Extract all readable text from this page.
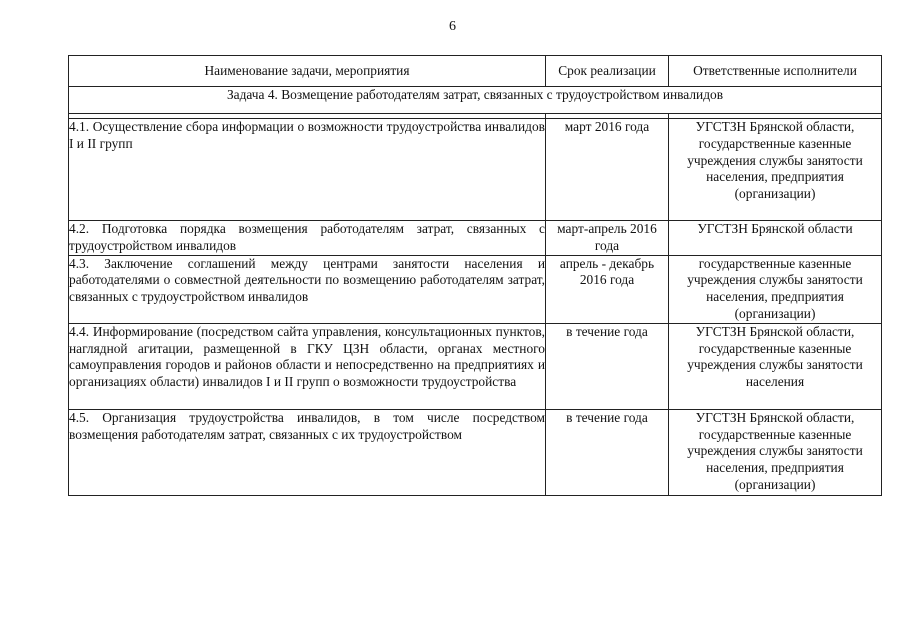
6
Наименование задачи, мероприятия	Срок реализации	Ответственные исполнители
Задача 4. Возмещение работодателям затрат, связанных с трудоустройством инвалидов		

4.1. Осуществление сбора информации о возможности трудоустройства инвалидов I и II групп	март 2016 года	УГСТЗН Брянской области, государственные казенные учреждения службы занятости населения, предприятия (организации)
4.2. Подготовка порядка возмещения работодателям затрат, связанных с трудоустройством инвалидов	март-апрель 2016 года	УГСТЗН Брянской области
4.3. Заключение соглашений между центрами занятости населения и работодателями о совместной деятельности по возмещению работодателям затрат, связанных с трудоустройством инвалидов	апрель - декабрь 2016 года	государственные казенные учреждения службы занятости населения, предприятия (организации)
4.4. Информирование (посредством сайта управления, консультационных пунктов, наглядной агитации, размещенной в ГКУ ЦЗН области, органах местного самоуправления городов и районов области и непосредственно на предприятиях и организациях области) инвалидов I и II групп о возможности трудоустройства	в течение года	УГСТЗН Брянской области, государственные казенные учреждения службы занятости населения
4.5. Организация трудоустройства инвалидов, в том числе посредством возмещения работодателям затрат, связанных с их трудоустройством	в течение года	УГСТЗН Брянской области, государственные казенные учреждения службы занятости населения, предприятия (организации)
